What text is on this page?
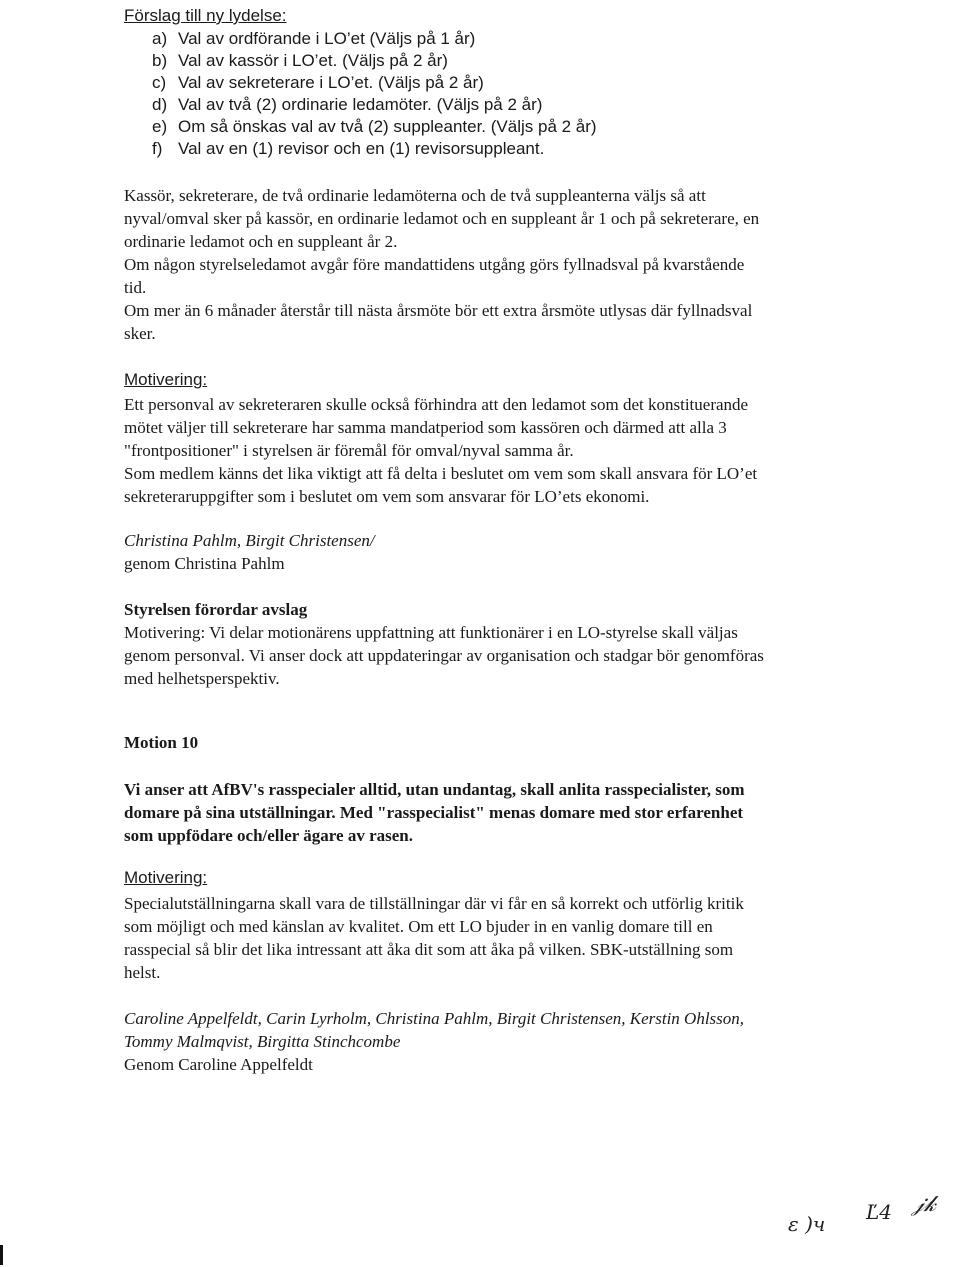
Förslag till ny lydelse:
a) Val av ordförande i LO’et (Väljs på 1 år)
b) Val av kassör i LO’et. (Väljs på 2 år)
c) Val av sekreterare i LO’et. (Väljs på 2 år)
d) Val av två (2) ordinarie ledamöter. (Väljs på 2 år)
e) Om så önskas val av två (2) suppleanter. (Väljs på 2 år)
f) Val av en (1) revisor och en (1) revisorsuppleant.
Kassör, sekreterare, de två ordinarie ledamöterna och de två suppleanterna väljs så att
nyval/omval sker på kassör, en ordinarie ledamot och en suppleant år 1 och på sekreterare, en
ordinarie ledamot och en suppleant år 2.
Om någon styrelseledamot avgår före mandattidens utgång görs fyllnadsval på kvarstående
tid.
Om mer än 6 månader återstår till nästa årsmöte bör ett extra årsmöte utlysas där fyllnadsval
sker.
Motivering:
Ett personval av sekreteraren skulle också förhindra att den ledamot som det konstituerande
mötet väljer till sekreterare har samma mandatperiod som kassören och därmed att alla 3
"frontpositioner" i styrelsen är föremål för omval/nyval samma år.
Som medlem känns det lika viktigt att få delta i beslutet om vem som skall ansvara för LO’et
sekreteraruppgifter som i beslutet om vem som ansvarar för LO’ets ekonomi.
Christina Pahlm, Birgit Christensen/
genom Christina Pahlm
Styrelsen förordar avslag
Motivering: Vi delar motionärens uppfattning att funktionärer i en LO-styrelse skall väljas
genom personval. Vi anser dock att uppdateringar av organisation och stadgar bör genomföras
med helhetsperspektiv.
Motion 10
Vi anser att AfBV's rasspecialer alltid, utan undantag, skall anlita rasspecialister, som
domare på sina utställningar. Med "rasspecialist" menas domare med stor erfarenhet
som uppfödare och/eller ägare av rasen.
Motivering:
Specialutställningarna skall vara de tillställningar där vi får en så korrekt och utförlig kritik
som möjligt och med känslan av kvalitet. Om ett LO bjuder in en vanlig domare till en
rasspecial så blir det lika intressant att åka dit som att åka på vilken. SBK-utställning som
helst.
Caroline Appelfeldt, Carin Lyrholm, Christina Pahlm, Birgit Christensen, Kerstin Ohlsson,
Tommy Malmqvist, Birgitta Stinchcombe
Genom Caroline Appelfeldt
ε )ч Ľ4 𝒿𝓀
